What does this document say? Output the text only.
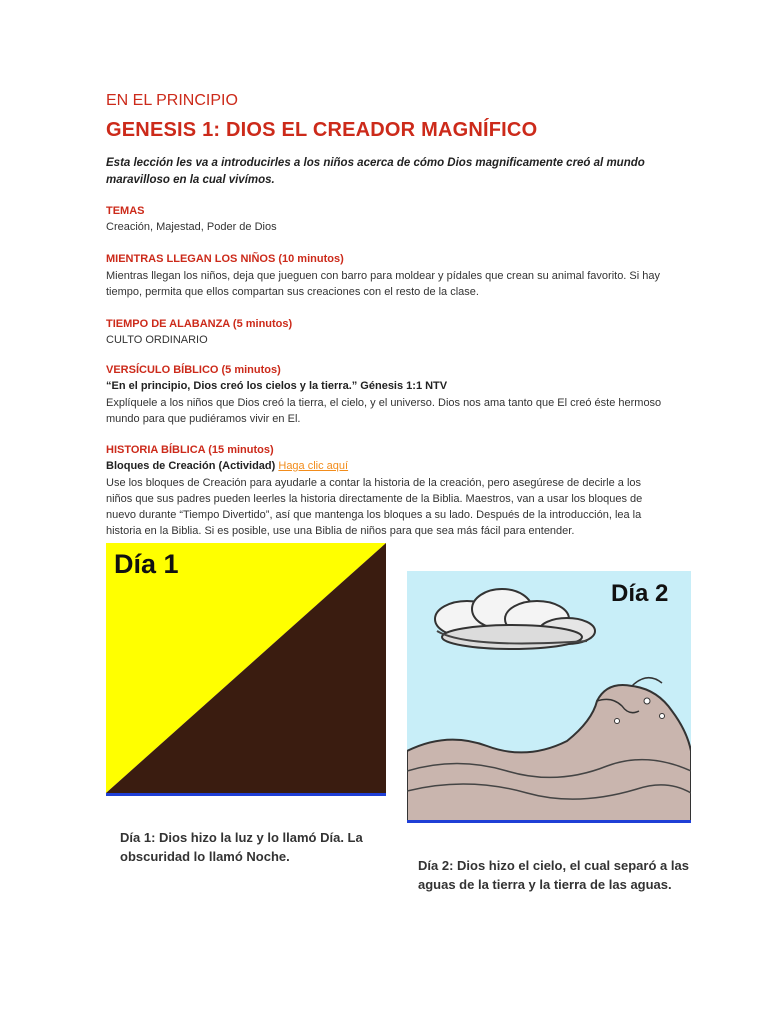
EN EL PRINCIPIO
GENESIS 1: DIOS EL CREADOR MAGNÍFICO
Esta lección les va a introducirles a los niños acerca de cómo Dios magnificamente creó al mundo maravilloso en la cual vivímos.
TEMAS
Creación, Majestad, Poder de Dios
MIENTRAS LLEGAN LOS NIÑOS (10 minutos)
Mientras llegan los niños, deja que jueguen con barro para moldear y pídales que crean su animal favorito. Si hay tiempo, permita que ellos compartan sus creaciones con el resto de la clase.
TIEMPO DE ALABANZA (5 minutos)
CULTO ORDINARIO
VERSÍCULO BÍBLICO (5 minutos)
“En el principio, Dios creó los cielos y la tierra.” Génesis 1:1 NTV
Explíquele a los niños que Dios creó la tierra, el cielo, y el universo. Dios nos ama tanto que El creó éste hermoso mundo para que pudiéramos vivir en El.
HISTORIA BÍBLICA (15 minutos)
Bloques de Creación (Actividad) Haga clic aquí
Use los bloques de Creación para ayudarle a contar la historia de la creación, pero asegúrese de decirle a los niños que sus padres pueden leerles la historia directamente de la Biblia. Maestros, van a usar los bloques de nuevo durante “Tiempo Divertido”, así que mantenga los bloques a su lado. Después de la introducción, lea la historia en la Biblia. Si es posible, use una Biblia de niños para que sea más fácil para entender.
Día 1
Día 1: Dios hizo la luz y lo llamó Día. La
obscuridad lo llamó Noche.
Día 2
Día 2: Dios hizo el cielo, el cual separó a las
aguas de la tierra y la tierra de las aguas.
